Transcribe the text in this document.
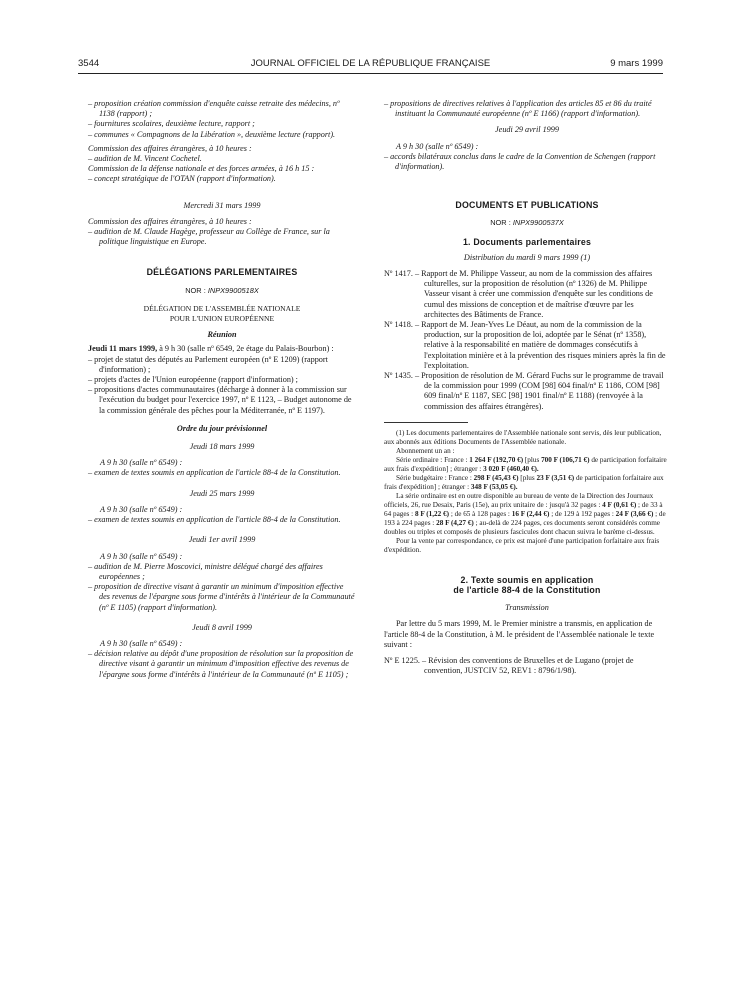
3544	JOURNAL OFFICIEL DE LA RÉPUBLIQUE FRANÇAISE	9 mars 1999

– proposition création commission d'enquête caisse retraite des médecins, nº 1138 (rapport) ;

– fournitures scolaires, deuxième lecture, rapport ;

– communes « Compagnons de la Libération », deuxième lecture (rapport).

Commission des affaires étrangères, à 10 heures :

– audition de M. Vincent Cochetel.

Commission de la défense nationale et des forces armées, à 16 h 15 :

– concept stratégique de l'OTAN (rapport d'information).

Mercredi 31 mars 1999

Commission des affaires étrangères, à 10 heures :

– audition de M. Claude Hagège, professeur au Collège de France, sur la politique linguistique en Europe.

DÉLÉGATIONS PARLEMENTAIRES

NOR : INPX9900518X

DÉLÉGATION DE L'ASSEMBLÉE NATIONALE

POUR L'UNION EUROPÉENNE

Réunion

Jeudi 11 mars 1999, à 9 h 30 (salle nº 6549, 2e étage du Palais-Bourbon) :

– projet de statut des députés au Parlement européen (nº E 1209) (rapport d'information) ;

– projets d'actes de l'Union européenne (rapport d'information) ;

– propositions d'actes communautaires (décharge à donner à la commission sur l'exécution du budget pour l'exercice 1997, nº E 1123, – Budget autonome de la commission générale des pêches pour la Méditerranée, nº E 1197).

Ordre du jour prévisionnel

Jeudi 18 mars 1999

A 9 h 30 (salle nº 6549) :

– examen de textes soumis en application de l'article 88-4 de la Constitution.

Jeudi 25 mars 1999

A 9 h 30 (salle nº 6549) :

– examen de textes soumis en application de l'article 88-4 de la Constitution.

Jeudi 1er avril 1999

A 9 h 30 (salle nº 6549) :

– audition de M. Pierre Moscovici, ministre délégué chargé des affaires européennes ;

– proposition de directive visant à garantir un minimum d'imposition effective des revenus de l'épargne sous forme d'intérêts à l'intérieur de la Communauté (nº E 1105) (rapport d'information).

Jeudi 8 avril 1999

A 9 h 30 (salle nº 6549) :

– décision relative au dépôt d'une proposition de résolution sur la proposition de directive visant à garantir un minimum d'imposition effective des revenus de l'épargne sous forme d'intérêts à l'intérieur de la Communauté (nº E 1105) ;

– propositions de directives relatives à l'application des articles 85 et 86 du traité instituant la Communauté européenne (nº E 1166) (rapport d'information).

Jeudi 29 avril 1999

A 9 h 30 (salle nº 6549) :

– accords bilatéraux conclus dans le cadre de la Convention de Schengen (rapport d'information).

DOCUMENTS ET PUBLICATIONS

NOR : INPX9900537X

1. Documents parlementaires

Distribution du mardi 9 mars 1999 (1)

Nº 1417. – Rapport de M. Philippe Vasseur, au nom de la commission des affaires culturelles, sur la proposition de résolution (nº 1326) de M. Philippe Vasseur visant à créer une commission d'enquête sur les conditions de cumul des missions de conception et de maîtrise d'œuvre par les architectes des Bâtiments de France.

Nº 1418. – Rapport de M. Jean-Yves Le Déaut, au nom de la commission de la production, sur la proposition de loi, adoptée par le Sénat (nº 1358), relative à la responsabilité en matière de dommages consécutifs à l'exploitation minière et à la prévention des risques miniers après la fin de l'exploitation.

Nº 1435. – Proposition de résolution de M. Gérard Fuchs sur le programme de travail de la commission pour 1999 (COM [98] 604 final/nº E 1186, COM [98] 609 final/nº E 1187, SEC [98] 1901 final/nº E 1188) (renvoyée à la commission des affaires étrangères).

(1) Les documents parlementaires de l'Assemblée nationale sont servis, dès leur publication, aux abonnés aux éditions Documents de l'Assemblée nationale.

Abonnement un an :

Série ordinaire : France : 1 264 F (192,70 €) [plus 700 F (106,71 €) de participation forfaitaire aux frais d'expédition] ; étranger : 3 020 F (460,40 €).

Série budgétaire : France : 298 F (45,43 €) [plus 23 F (3,51 €) de participation forfaitaire aux frais d'expédition] ; étranger : 348 F (53,05 €).

La série ordinaire est en outre disponible au bureau de vente de la Direction des Journaux officiels, 26, rue Desaix, Paris (15e), au prix unitaire de : jusqu'à 32 pages : 4 F (0,61 €) ; de 33 à 64 pages : 8 F (1,22 €) ; de 65 à 128 pages : 16 F (2,44 €) ; de 129 à 192 pages : 24 F (3,66 €) ; de 193 à 224 pages : 28 F (4,27 €) ; au-delà de 224 pages, ces documents seront considérés comme doubles ou triples et composés de plusieurs fascicules dont chacun suivra le barème ci-dessus.

Pour la vente par correspondance, ce prix est majoré d'une participation forfaitaire aux frais d'expédition.

2. Texte soumis en application

de l'article 88-4 de la Constitution

Transmission

Par lettre du 5 mars 1999, M. le Premier ministre a transmis, en application de l'article 88-4 de la Constitution, à M. le président de l'Assemblée nationale le texte suivant :

Nº E 1225. – Révision des conventions de Bruxelles et de Lugano (projet de convention, JUSTCIV 52, REV1 : 8796/1/98).
